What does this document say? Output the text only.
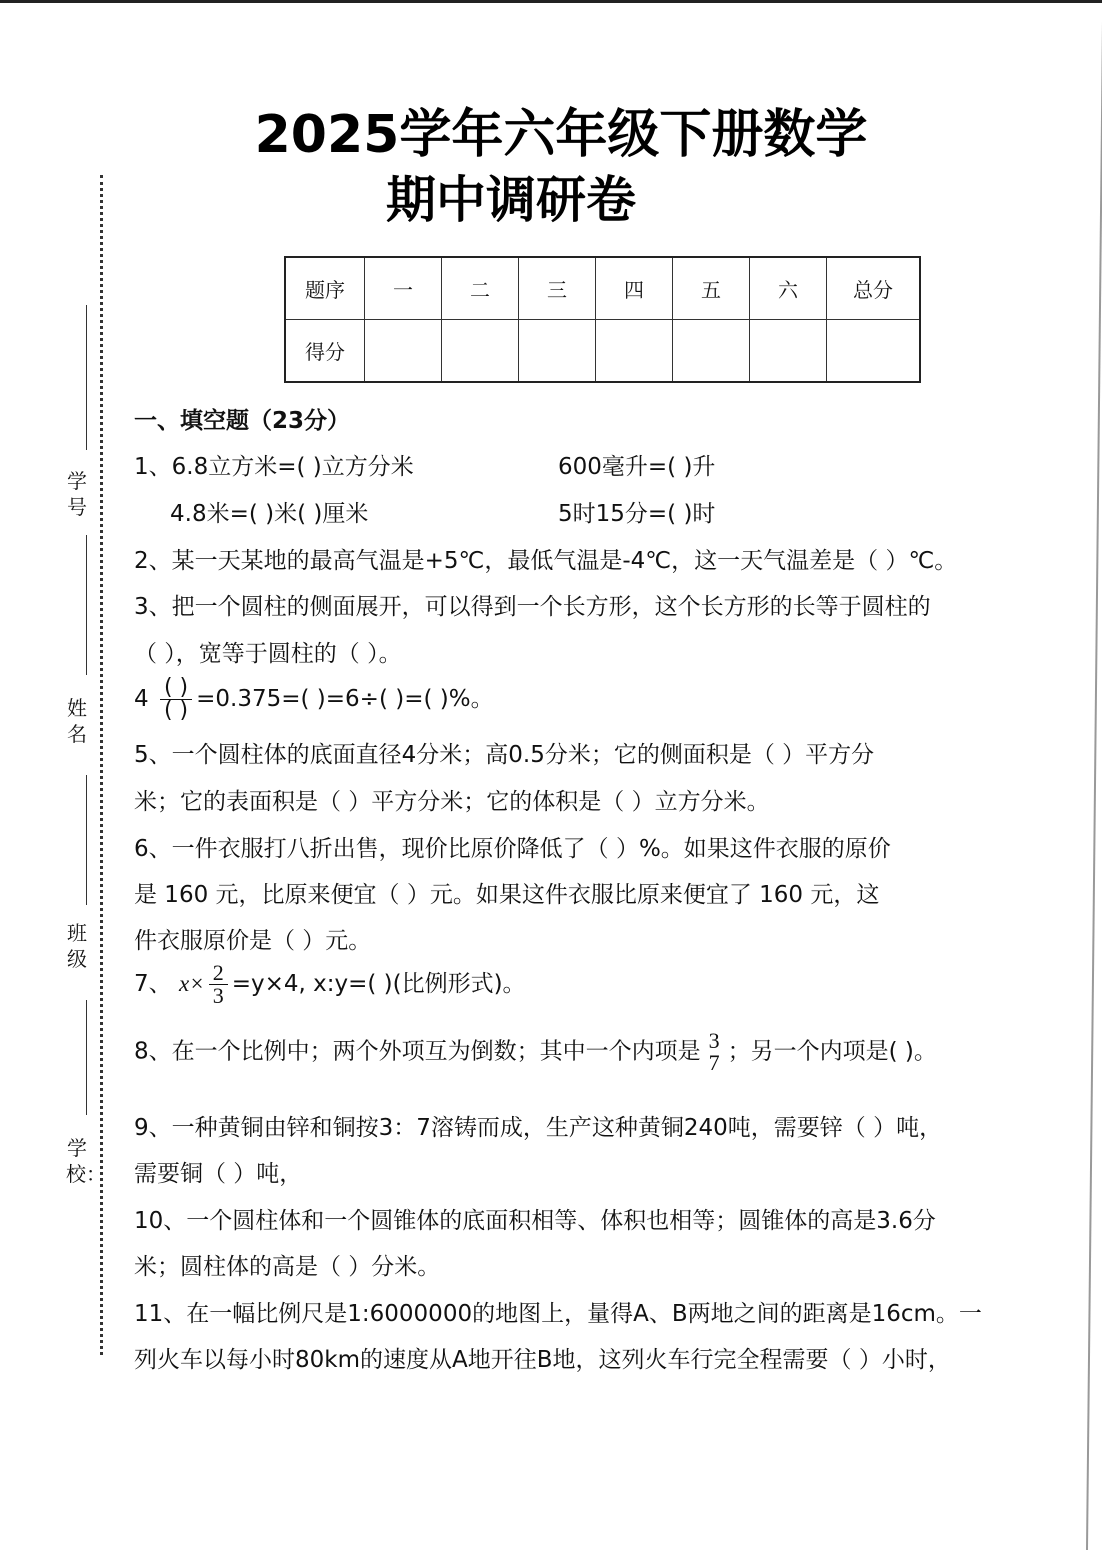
2025学年六年级下册数学
期中调研卷
学号
姓名
班级
学校：
题序	一	二	三	四	五	六	总分
得分							
一、填空题（23分）
1、6.8立方米=( )立方分米	600毫升=( )升
4.8米=( )米( )厘米	5时15分=( )时
2、某一天某地的最高气温是+5℃，最低气温是-4℃，这一天气温差是（ ）℃。
3、把一个圆柱的侧面展开，可以得到一个长方形，这个长方形的长等于圆柱的
（ ），宽等于圆柱的（ ）。
$4 \frac{( )}{( )} =0.375=$( )=6÷( )=( )%。
5、一个圆柱体的底面直径4分米；高0.5分米；它的侧面积是（ ）平方分
米；它的表面积是（ ）平方分米；它的体积是（ ）立方分米。
6、一件衣服打八折出售，现价比原价降低了（ ）%。如果这件衣服的原价
是 160 元，比原来便宜（ ）元。如果这件衣服比原来便宜了 160 元，这
件衣服原价是（ ）元。
7、 $x\times \frac{2}{3} =y\times 4$, x:y=( )(比例形式)。
8、在一个比例中；两个外项互为倒数；其中一个内项是 3
7 ；另一个内项是( )。
9、一种黄铜由锌和铜按3：7溶铸而成，生产这种黄铜240吨，需要锌（ ）吨，
需要铜（ ）吨，
10、一个圆柱体和一个圆锥体的底面积相等、体积也相等；圆锥体的高是3.6分
米；圆柱体的高是（ ）分米。
11、在一幅比例尺是1:6000000的地图上，量得A、B两地之间的距离是16cm。一
列火车以每小时80km的速度从A地开往B地，这列火车行完全程需要（ ）小时，
